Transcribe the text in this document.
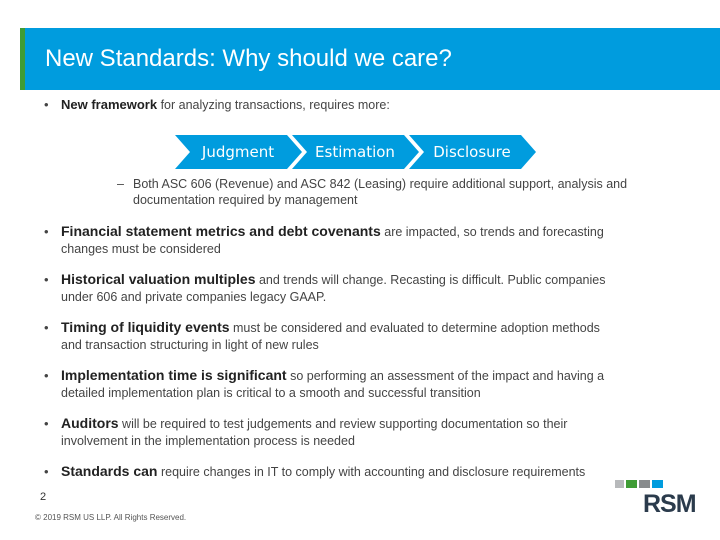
New Standards: Why should we care?
• New framework for analyzing transactions, requires more:
Judgment	Estimation	Disclosure
– Both ASC 606 (Revenue) and ASC 842 (Leasing) require additional support, analysis and documentation required by management
• Financial statement metrics and debt covenants are impacted, so trends and forecasting
changes must be considered
• Historical valuation multiples and trends will change. Recasting is difficult. Public companies
under 606 and private companies legacy GAAP.
• Timing of liquidity events must be considered and evaluated to determine adoption methods
and transaction structuring in light of new rules
• Implementation time is significant so performing an assessment of the impact and having a
detailed implementation plan is critical to a smooth and successful transition
• Auditors will be required to test judgements and review supporting documentation so their
involvement in the implementation process is needed
• Standards can require changes in IT to comply with accounting and disclosure requirements
2
© 2019 RSM US LLP. All Rights Reserved.	RSM
